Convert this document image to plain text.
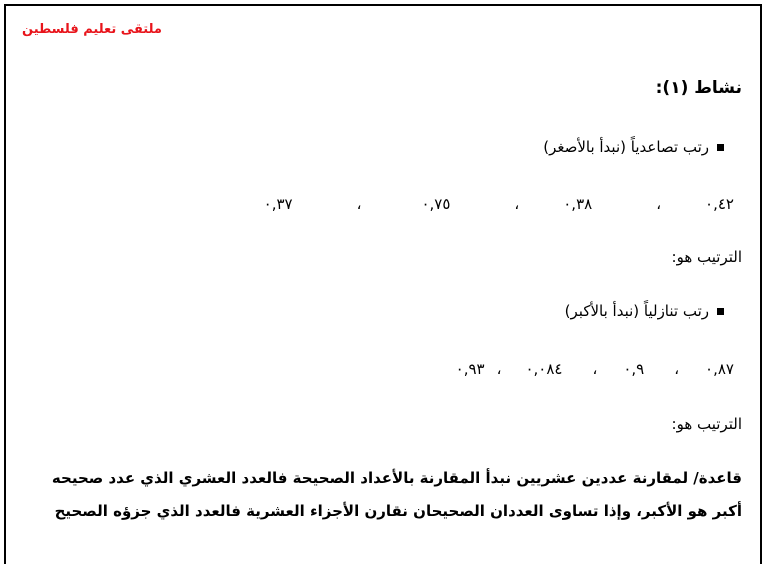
ملتقى تعليم فلسطين
نشاط (١):
رتب تصاعدياً (نبدأ بالأصغر)
٠,٤٢
،
٠,٣٨
،
٠,٧٥
،
٠,٣٧
الترتيب هو:
رتب تنازلياً (نبدأ بالأكبر)
٠,٨٧
،
٠,٩
،
٠,٠٨٤
،
٠,٩٣
الترتيب هو:
قاعدة/ لمقارنة عددين عشريين نبدأ المقارنة بالأعداد الصحيحة فالعدد العشري الذي عدد صحيحه
أكبر هو الأكبر، وإذا تساوى العددان الصحيحان نقارن الأجزاء العشرية فالعدد الذي جزؤه الصحيح
